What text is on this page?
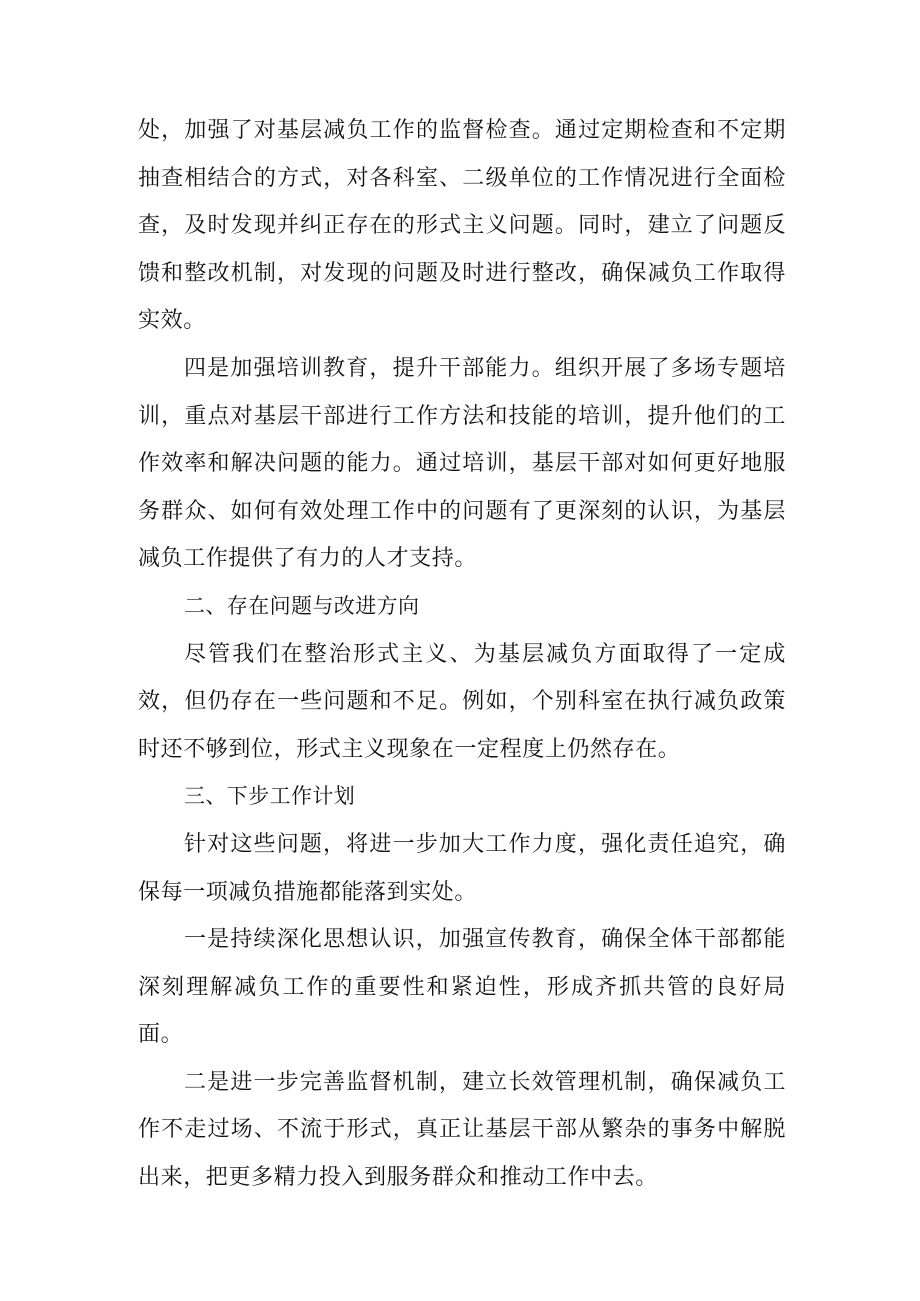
处，加强了对基层减负工作的监督检查。通过定期检查和不定期抽查相结合的方式，对各科室、二级单位的工作情况进行全面检查，及时发现并纠正存在的形式主义问题。同时，建立了问题反馈和整改机制，对发现的问题及时进行整改，确保减负工作取得实效。

四是加强培训教育，提升干部能力。组织开展了多场专题培训，重点对基层干部进行工作方法和技能的培训，提升他们的工作效率和解决问题的能力。通过培训，基层干部对如何更好地服务群众、如何有效处理工作中的问题有了更深刻的认识，为基层减负工作提供了有力的人才支持。

二、存在问题与改进方向

尽管我们在整治形式主义、为基层减负方面取得了一定成效，但仍存在一些问题和不足。例如，个别科室在执行减负政策时还不够到位，形式主义现象在一定程度上仍然存在。

三、下步工作计划

针对这些问题，将进一步加大工作力度，强化责任追究，确保每一项减负措施都能落到实处。

一是持续深化思想认识，加强宣传教育，确保全体干部都能深刻理解减负工作的重要性和紧迫性，形成齐抓共管的良好局面。

二是进一步完善监督机制，建立长效管理机制，确保减负工作不走过场、不流于形式，真正让基层干部从繁杂的事务中解脱出来，把更多精力投入到服务群众和推动工作中去。
